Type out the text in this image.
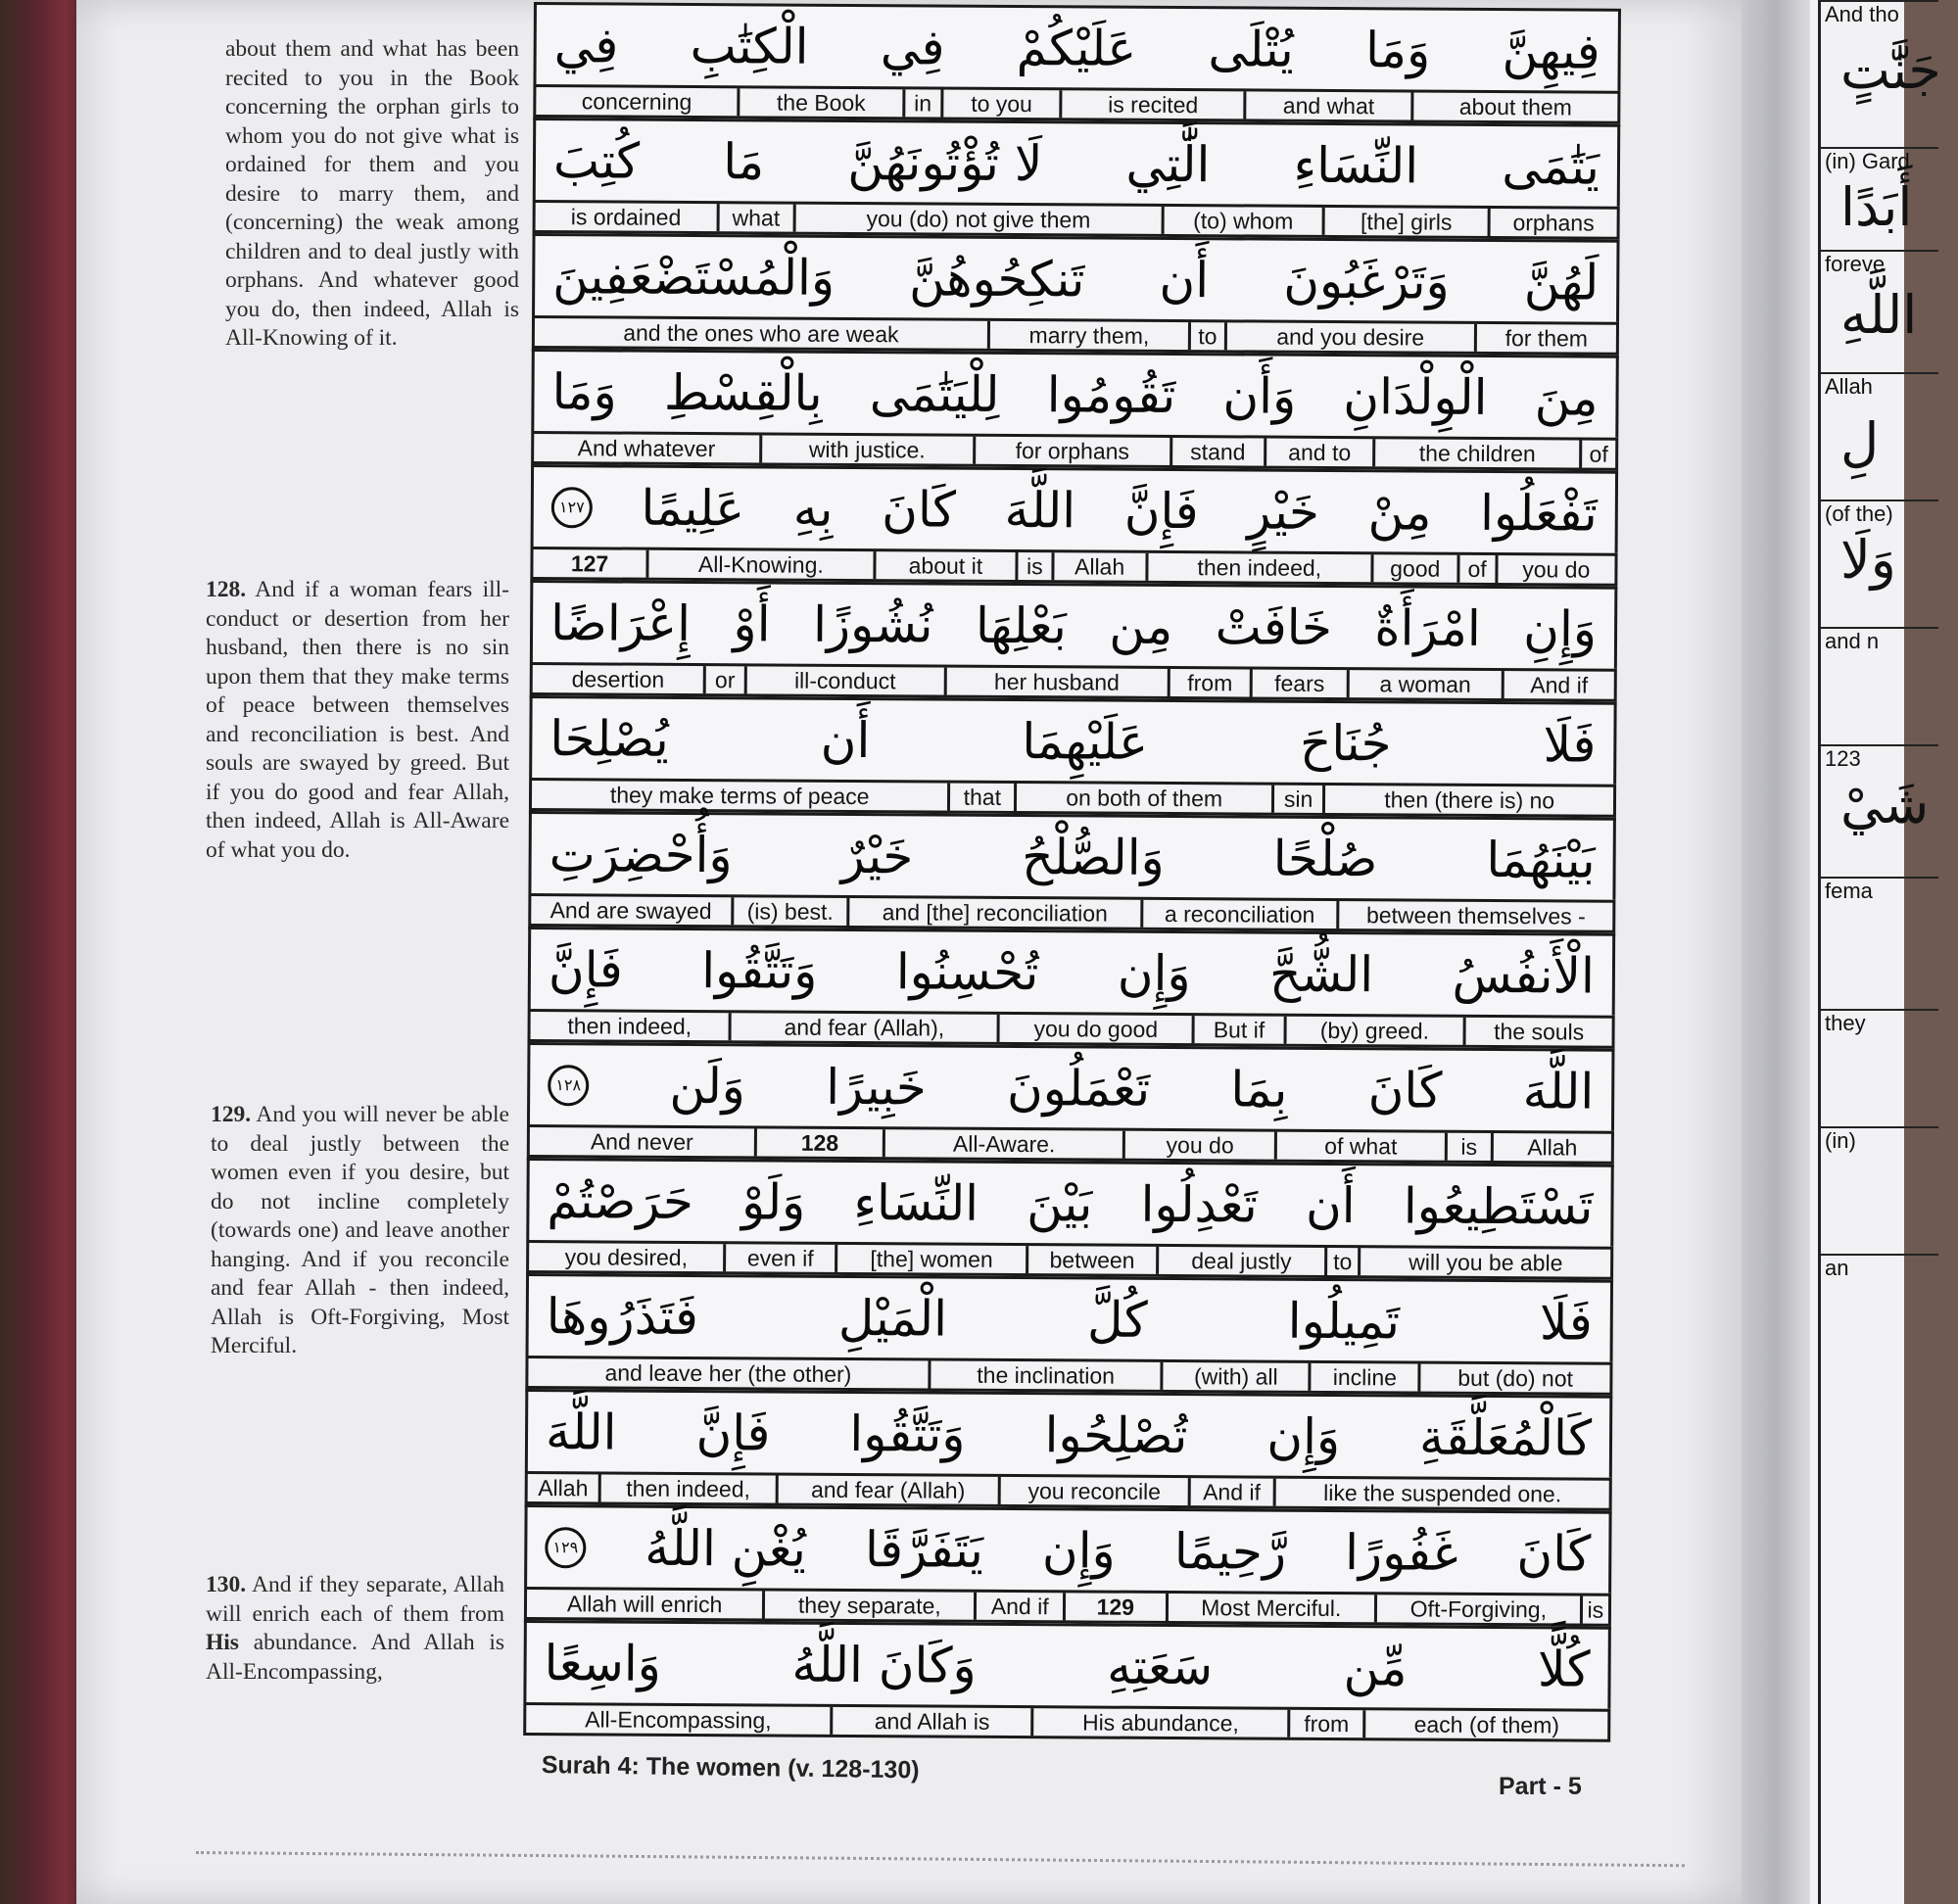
And tho
جَنَّٰتٍ
(in) Gard
أَبَدًا
foreve
اللَّهِ
Allah
لِ
(of the)
وَلَا
and n
123
شَيْ
fema
they
(in)
an
about them and what has been recited to you in the Book concerning the orphan girls to whom you do not give what is ordained for them and you desire to marry them, and (concerning) the weak among children and to deal justly with orphans. And whatever good you do, then indeed, Allah is All-Knowing of it.
128. And if a woman fears ill-conduct or desertion from her husband, then there is no sin upon them that they make terms of peace between themselves and reconciliation is best. And souls are swayed by greed. But if you do good and fear Allah, then indeed, Allah is All-Aware of what you do.
129. And you will never be able to deal justly between the women even if you desire, but do not incline completely (towards one) and leave another hanging. And if you reconcile and fear Allah - then indeed, Allah is Oft-Forgiving, Most Merciful.
130. And if they separate, Allah will enrich each of them from His abundance. And Allah is All-Encompassing,
فِيهِنَّ
وَمَا
يُتْلَى
عَلَيْكُمْ
فِي
الْكِتَٰبِ
فِي
about them
and what
is recited
to you
in
the Book
concerning
يَتَٰمَى
النِّسَاءِ
الَّٰتِي
لَا تُؤْتُونَهُنَّ
مَا
كُتِبَ
orphans
[the] girls
(to) whom
you (do) not give them
what
is ordained
لَهُنَّ
وَتَرْغَبُونَ
أَن
تَنكِحُوهُنَّ
وَالْمُسْتَضْعَفِينَ
for them
and you desire
to
marry them,
and the ones who are weak
مِنَ
الْوِلْدَانِ
وَأَن
تَقُومُوا
لِلْيَتَٰمَى
بِالْقِسْطِ
وَمَا
of
the children
and to
stand
for orphans
with justice.
And whatever
تَفْعَلُوا
مِنْ
خَيْرٍ
فَإِنَّ
اللَّهَ
كَانَ
بِهِ
عَلِيمًا
١٢٧
you do
of
good
then indeed,
Allah
is
about it
All-Knowing.
127
وَإِنِ
امْرَأَةٌ
خَافَتْ
مِن
بَعْلِهَا
نُشُوزًا
أَوْ
إِعْرَاضًا
And if
a woman
fears
from
her husband
ill-conduct
or
desertion
فَلَا
جُنَاحَ
عَلَيْهِمَا
أَن
يُصْلِحَا
then (there is) no
sin
on both of them
that
they make terms of peace
بَيْنَهُمَا
صُلْحًا
وَالصُّلْحُ
خَيْرٌ
وَأُحْضِرَتِ
between themselves -
a reconciliation
and [the] reconciliation
(is) best.
And are swayed
الْأَنفُسُ
الشُّحَّ
وَإِن
تُحْسِنُوا
وَتَتَّقُوا
فَإِنَّ
the souls
(by) greed.
But if
you do good
and fear (Allah),
then indeed,
اللَّهَ
كَانَ
بِمَا
تَعْمَلُونَ
خَبِيرًا
وَلَن
١٢٨
Allah
is
of what
you do
All-Aware.
128
And never
تَسْتَطِيعُوا
أَن
تَعْدِلُوا
بَيْنَ
النِّسَاءِ
وَلَوْ
حَرَصْتُمْ
will you be able
to
deal justly
between
[the] women
even if
you desired,
فَلَا
تَمِيلُوا
كُلَّ
الْمَيْلِ
فَتَذَرُوهَا
but (do) not
incline
(with) all
the inclination
and leave her (the other)
كَالْمُعَلَّقَةِ
وَإِن
تُصْلِحُوا
وَتَتَّقُوا
فَإِنَّ
اللَّهَ
like the suspended one.
And if
you reconcile
and fear (Allah)
then indeed,
Allah
كَانَ
غَفُورًا
رَّحِيمًا
وَإِن
يَتَفَرَّقَا
يُغْنِ اللَّهُ
١٢٩
is
Oft-Forgiving,
Most Merciful.
129
And if
they separate,
Allah will enrich
كُلًّا
مِّن
سَعَتِهِ
وَكَانَ اللَّهُ
وَاسِعًا
each (of them)
from
His abundance,
and Allah is
All-Encompassing,
Surah 4: The women (v. 128-130)
Part - 5
